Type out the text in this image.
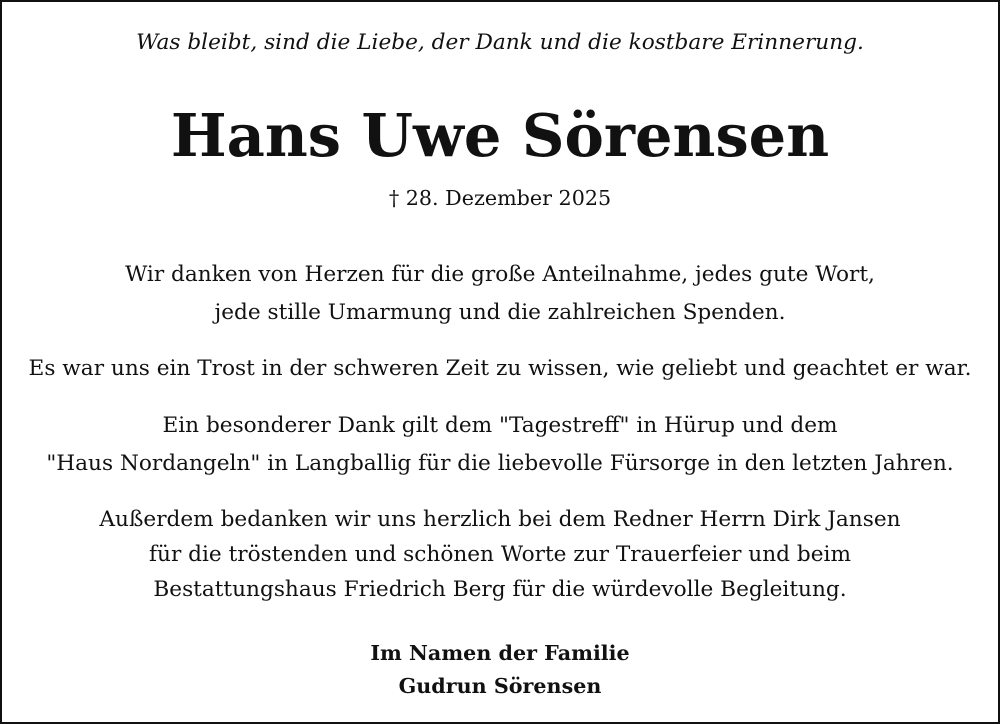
Was bleibt, sind die Liebe, der Dank und die kostbare Erinnerung.
Hans Uwe Sörensen
† 28. Dezember 2025
Wir danken von Herzen für die große Anteilnahme, jedes gute Wort,
jede stille Umarmung und die zahlreichen Spenden.
Es war uns ein Trost in der schweren Zeit zu wissen, wie geliebt und geachtet er war.
Ein besonderer Dank gilt dem "Tagestreff" in Hürup und dem
"Haus Nordangeln" in Langballig für die liebevolle Fürsorge in den letzten Jahren.
Außerdem bedanken wir uns herzlich bei dem Redner Herrn Dirk Jansen
für die tröstenden und schönen Worte zur Trauerfeier und beim
Bestattungshaus Friedrich Berg für die würdevolle Begleitung.
Im Namen der Familie
Gudrun Sörensen
